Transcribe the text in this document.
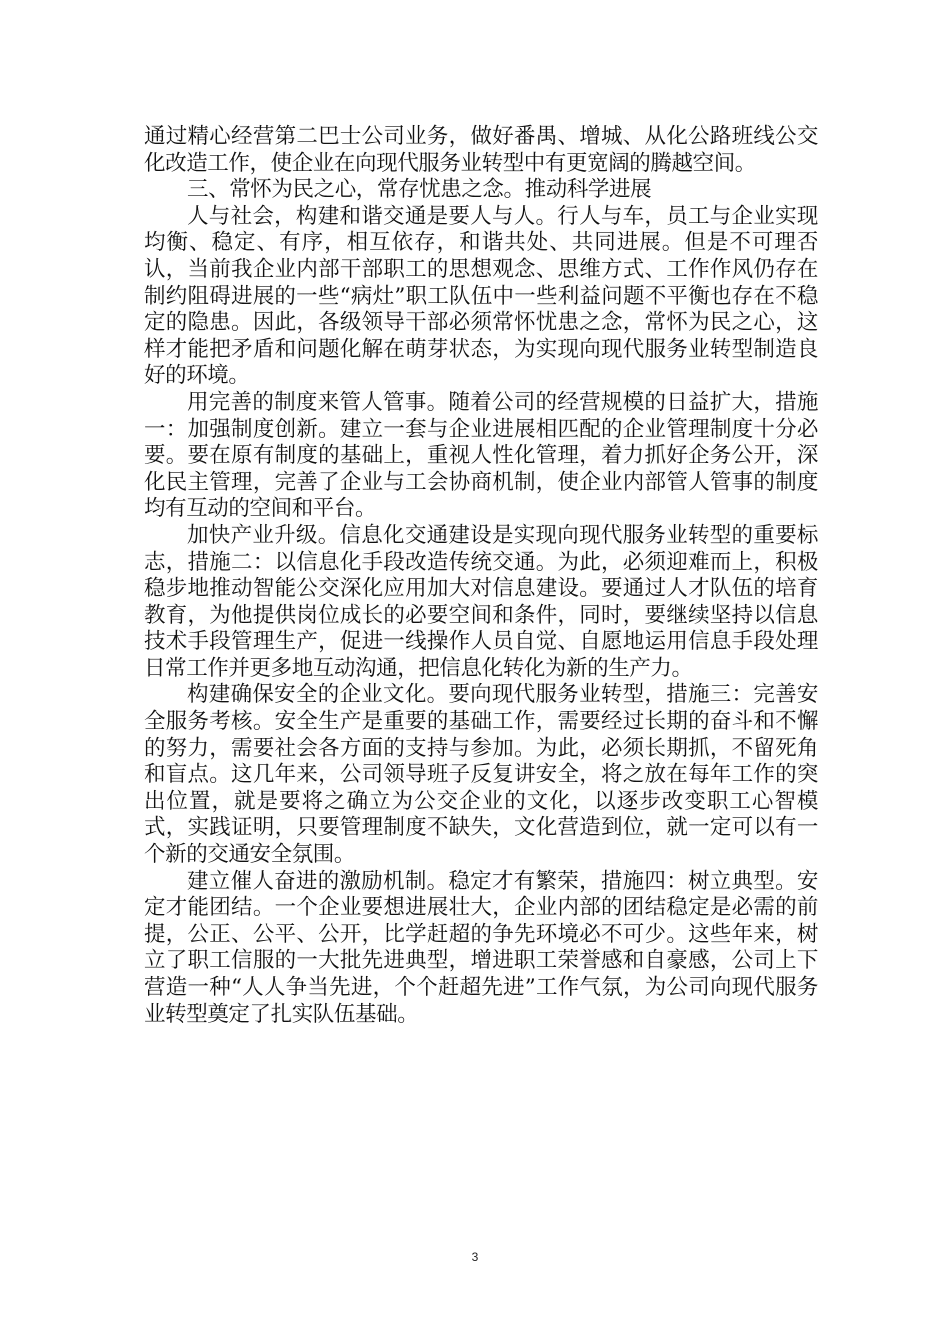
通过精心经营第二巴士公司业务，做好番禺、增城、从化公路班线公交化改造工作，使企业在向现代服务业转型中有更宽阔的腾越空间。

三、常怀为民之心，常存忧患之念。推动科学进展

人与社会，构建和谐交通是要人与人。行人与车，员工与企业实现均衡、稳定、有序，相互依存，和谐共处、共同进展。但是不可理否认，当前我企业内部干部职工的思想观念、思维方式、工作作风仍存在制约阻碍进展的一些“病灶”职工队伍中一些利益问题不平衡也存在不稳定的隐患。因此，各级领导干部必须常怀忧患之念，常怀为民之心，这样才能把矛盾和问题化解在萌芽状态，为实现向现代服务业转型制造良好的环境。

用完善的制度来管人管事。随着公司的经营规模的日益扩大，措施一：加强制度创新。建立一套与企业进展相匹配的企业管理制度十分必要。要在原有制度的基础上，重视人性化管理，着力抓好企务公开，深化民主管理，完善了企业与工会协商机制，使企业内部管人管事的制度均有互动的空间和平台。

加快产业升级。信息化交通建设是实现向现代服务业转型的重要标志，措施二：以信息化手段改造传统交通。为此，必须迎难而上，积极稳步地推动智能公交深化应用加大对信息建设。要通过人才队伍的培育教育，为他提供岗位成长的必要空间和条件，同时，要继续坚持以信息技术手段管理生产，促进一线操作人员自觉、自愿地运用信息手段处理日常工作并更多地互动沟通，把信息化转化为新的生产力。

构建确保安全的企业文化。要向现代服务业转型，措施三：完善安全服务考核。安全生产是重要的基础工作，需要经过长期的奋斗和不懈的努力，需要社会各方面的支持与参加。为此，必须长期抓，不留死角和盲点。这几年来，公司领导班子反复讲安全，将之放在每年工作的突出位置，就是要将之确立为公交企业的文化，以逐步改变职工心智模式，实践证明，只要管理制度不缺失，文化营造到位，就一定可以有一个新的交通安全氛围。

建立催人奋进的激励机制。稳定才有繁荣，措施四：树立典型。安定才能团结。一个企业要想进展壮大，企业内部的团结稳定是必需的前提，公正、公平、公开，比学赶超的争先环境必不可少。这些年来，树立了职工信服的一大批先进典型，增进职工荣誉感和自豪感，公司上下营造一种“人人争当先进，个个赶超先进”工作气氛，为公司向现代服务业转型奠定了扎实队伍基础。

3
